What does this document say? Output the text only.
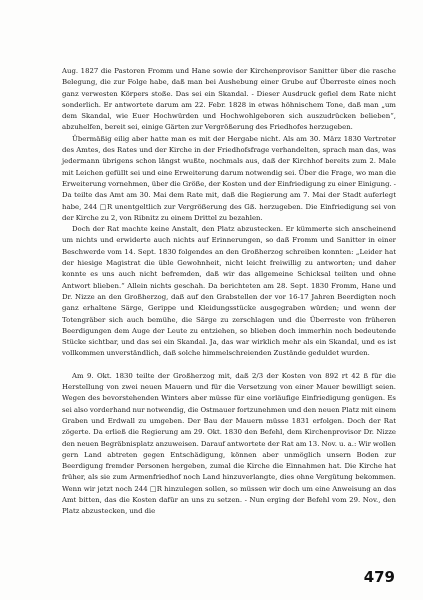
Aug. 1827 die Pastoren Fromm und Hane sowie der Kirchenprovisor Sanitter über die rasche Belegung, die zur Folge habe, daß man bei Aushebung einer Grube auf Überreste eines noch ganz verwesten Körpers stoße. Das sei ein Skandal. - Dieser Ausdruck gefiel dem Rate nicht sonderlich. Er antwortete darum am 22. Febr. 1828 in etwas höhnischem Tone, daß man „um dem Skandal, wie Euer Hochwürden und Hochwohlgeboren sich auszudrücken belieben“, abzuhelfen, bereit sei, einige Gärten zur Vergrößerung des Friedhofes herzugeben.

Übermäßig eilig aber hatte man es mit der Hergabe nicht. Als am 30. März 1830 Vertreter des Amtes, des Rates und der Kirche in der Friedhofsfrage verhandelten, sprach man das, was jedermann übrigens schon längst wußte, nochmals aus, daß der Kirchhof bereits zum 2. Male mit Leichen gefüllt sei und eine Erweiterung darum notwendig sei. Über die Frage, wo man die Erweiterung vornehmen, über die Größe, der Kosten und der Einfriedigung zu einer Einigung. - Da teilte das Amt am 30. Mai dem Rate mit, daß die Regierung am 7. Mai der Stadt auferlegt habe, 244 □R unentgeltlich zur Vergrößerung des Gß. herzugeben. Die Einfriedigung sei von der Kirche zu 2, von Ribnitz zu einem Drittel zu bezahlen.

Doch der Rat machte keine Anstalt, den Platz abzustecken. Er kümmerte sich anscheinend um nichts und erwiderte auch nichts auf Erinnerungen, so daß Fromm und Sanitter in einer Beschwerde vom 14. Sept. 1830 folgendes an den Großherzog schreiben konnten: „Leider hat der hiesige Magistrat die üble Gewohnheit, nicht leicht freiwillig zu antworten; und daher konnte es uns auch nicht befremden, daß wir das allgemeine Schicksal teilten und ohne Antwort blieben.“ Allein nichts geschah. Da berichteten am 28. Sept. 1830 Fromm, Hane und Dr. Nizze an den Großherzog, daß auf den Grabstellen der vor 16-17 Jahren Beerdigten noch ganz erhaltene Särge, Gerippe und Kleidungsstücke ausgegraben würden; und wenn der Totengräber sich auch bemühe, die Särge zu zerschlagen und die Überreste von früheren Beerdigungen dem Auge der Leute zu entziehen, so blieben doch immerhin noch bedeutende Stücke sichtbar, und das sei ein Skandal. Ja, das war wirklich mehr als ein Skandal, und es ist vollkommen unverständlich, daß solche himmelschreienden Zustände geduldet wurden.

Am 9. Okt. 1830 teilte der Großherzog mit, daß 2/3 der Kosten von 892 rt 42 ß für die Herstellung von zwei neuen Mauern und für die Versetzung von einer Mauer bewilligt seien. Wegen des bevorstehenden Winters aber müsse für eine vorläufige Einfriedigung genügen. Es sei also vorderhand nur notwendig, die Ostmauer fortzunehmen und den neuen Platz mit einem Graben und Erdwall zu umgeben. Der Bau der Mauern müsse 1831 erfolgen. Doch der Rat zögerte. Da erließ die Regierung am 29. Okt. 1830 den Befehl, dem Kirchenprovisor Dr. Nizze den neuen Begräbnisplatz anzuweisen. Darauf antwortete der Rat am 13. Nov. u. a.: Wir wollen gern Land abtreten gegen Entschädigung, können aber unmöglich unsern Boden zur Beerdigung fremder Personen hergeben, zumal die Kirche die Einnahmen hat. Die Kirche hat früher, als sie zum Armenfriedhof noch Land hinzuverlangte, dies ohne Vergütung bekommen. Wenn wir jetzt noch 244 □R hinzulegen sollen, so müssen wir doch um eine Anweisung an das Amt bitten, das die Kosten dafür an uns zu setzen. - Nun erging der Befehl vom 29. Nov., den Platz abzustecken, und die

479
